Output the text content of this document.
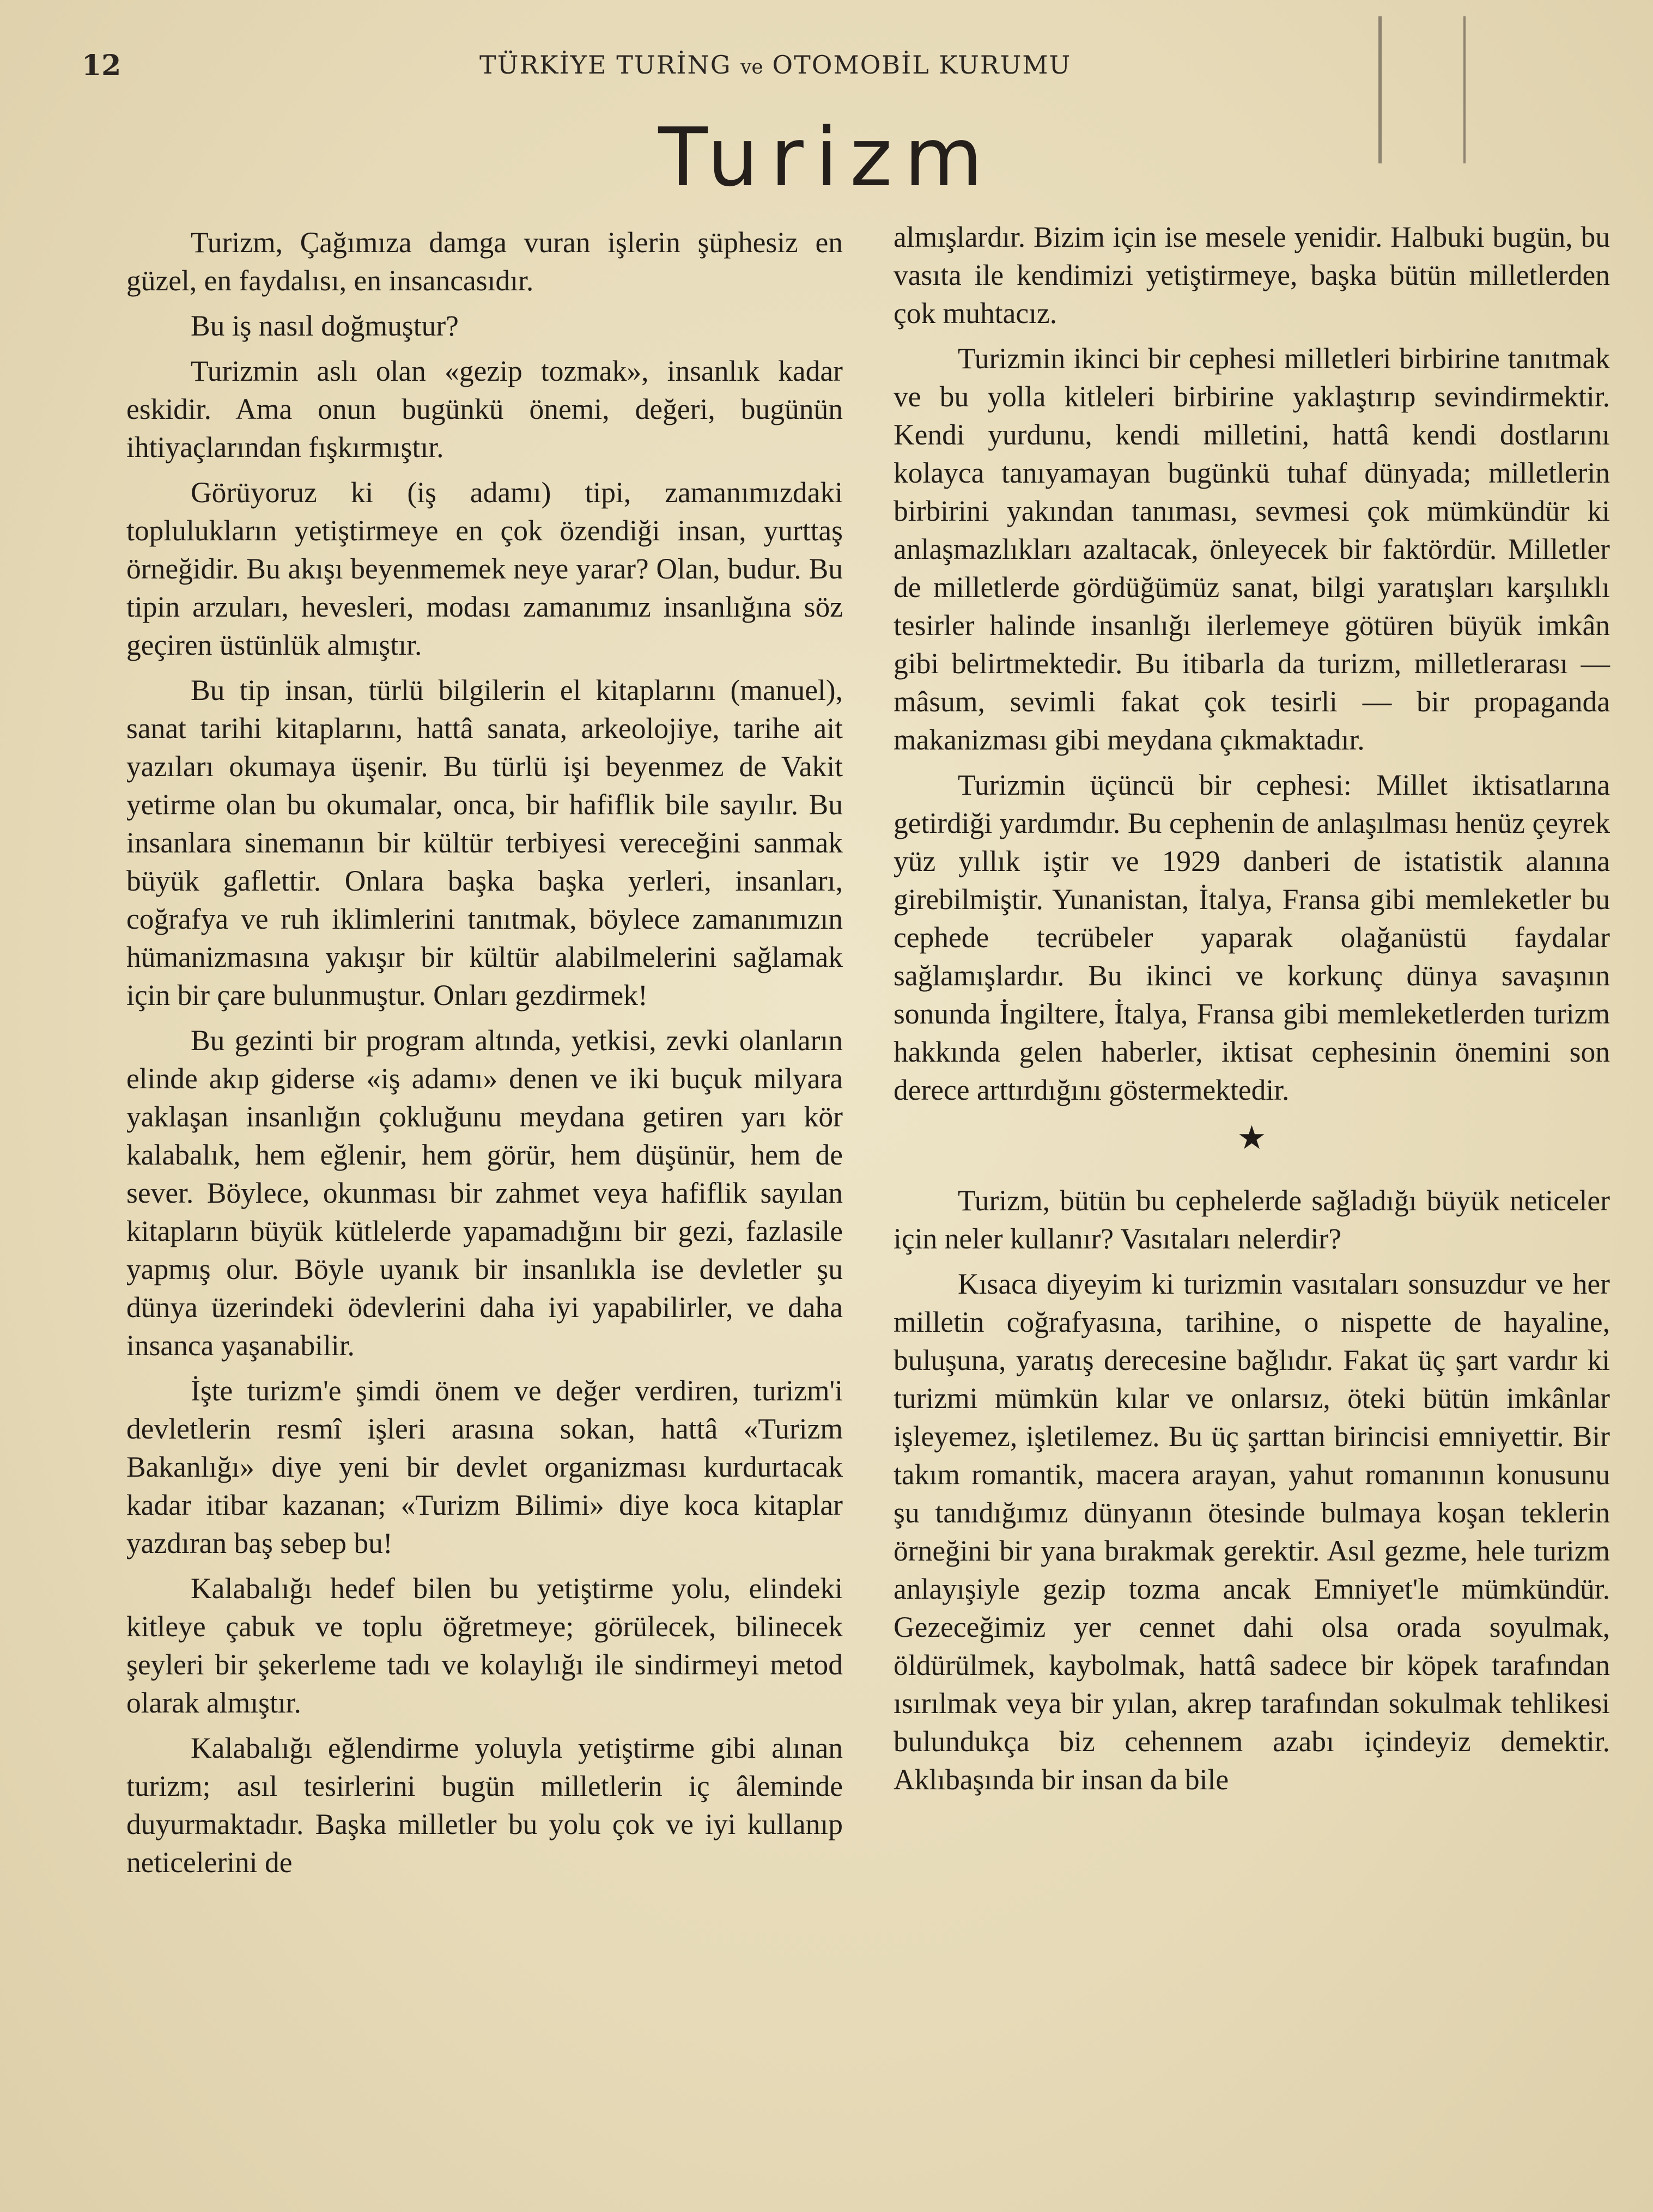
12	TÜRKİYE TURİNG ve OTOMOBİL KURUMU
Turizm

Turizm, Çağımıza damga vuran işlerin şüphesiz en güzel, en faydalısı, en insancasıdır.

Bu iş nasıl doğmuştur?

Turizmin aslı olan «gezip tozmak», insanlık kadar eskidir. Ama onun bugünkü önemi, değeri, bugünün ihtiyaçlarından fışkırmıştır.

Görüyoruz ki (iş adamı) tipi, zamanımızdaki toplulukların yetiştirmeye en çok özendiği insan, yurttaş örneğidir. Bu akışı beyenmemek neye yarar? Olan, budur. Bu tipin arzuları, hevesleri, modası zamanımız insanlığına söz geçiren üstünlük almıştır.

Bu tip insan, türlü bilgilerin el kitaplarını (manuel), sanat tarihi kitaplarını, hattâ sanata, arkeolojiye, tarihe ait yazıları okumaya üşenir. Bu türlü işi beyenmez de Vakit yetirme olan bu okumalar, onca, bir hafiflik bile sayılır. Bu insanlara sinemanın bir kültür terbiyesi vereceğini sanmak büyük gaflettir. Onlara başka başka yerleri, insanları, coğrafya ve ruh iklimlerini tanıtmak, böylece zamanımızın hümanizmasına yakışır bir kültür alabilmelerini sağlamak için bir çare bulunmuştur. Onları gezdirmek!

Bu gezinti bir program altında, yetkisi, zevki olanların elinde akıp giderse «iş adamı» denen ve iki buçuk milyara yaklaşan insanlığın çokluğunu meydana getiren yarı kör kalabalık, hem eğlenir, hem görür, hem düşünür, hem de sever. Böylece, okunması bir zahmet veya hafiflik sayılan kitapların büyük kütlelerde yapamadığını bir gezi, fazlasile yapmış olur. Böyle uyanık bir insanlıkla ise devletler şu dünya üzerindeki ödevlerini daha iyi yapabilirler, ve daha insanca yaşanabilir.

İşte turizm'e şimdi önem ve değer verdiren, turizm'i devletlerin resmî işleri arasına sokan, hattâ «Turizm Bakanlığı» diye yeni bir devlet organizması kurdurtacak kadar itibar kazanan; «Turizm Bilimi» diye koca kitaplar yazdıran baş sebep bu!

Kalabalığı hedef bilen bu yetiştirme yolu, elindeki kitleye çabuk ve toplu öğretmeye; görülecek, bilinecek şeyleri bir şekerleme tadı ve kolaylığı ile sindirmeyi metod olarak almıştır.

Kalabalığı eğlendirme yoluyla yetiştirme gibi alınan turizm; asıl tesirlerini bugün milletlerin iç âleminde duyurmaktadır. Başka milletler bu yolu çok ve iyi kullanıp neticelerini de

almışlardır. Bizim için ise mesele yenidir. Halbuki bugün, bu vasıta ile kendimizi yetiştirmeye, başka bütün milletlerden çok muhtacız.

Turizmin ikinci bir cephesi milletleri birbirine tanıtmak ve bu yolla kitleleri birbirine yaklaştırıp sevindirmektir. Kendi yurdunu, kendi milletini, hattâ kendi dostlarını kolayca tanıyamayan bugünkü tuhaf dünyada; milletlerin birbirini yakından tanıması, sevmesi çok mümkündür ki anlaşmazlıkları azaltacak, önleyecek bir faktördür. Milletler de milletlerde gördüğümüz sanat, bilgi yaratışları karşılıklı tesirler halinde insanlığı ilerlemeye götüren büyük imkân gibi belirtmektedir. Bu itibarla da turizm, milletlerarası — mâsum, sevimli fakat çok tesirli — bir propaganda makanizması gibi meydana çıkmaktadır.

Turizmin üçüncü bir cephesi: Millet iktisatlarına getirdiği yardımdır. Bu cephenin de anlaşılması henüz çeyrek yüz yıllık iştir ve 1929 danberi de istatistik alanına girebilmiştir. Yunanistan, İtalya, Fransa gibi memleketler bu cephede tecrübeler yaparak olağanüstü faydalar sağlamışlardır. Bu ikinci ve korkunç dünya savaşının sonunda İngiltere, İtalya, Fransa gibi memleketlerden turizm hakkında gelen haberler, iktisat cephesinin önemini son derece arttırdığını göstermektedir.

★

Turizm, bütün bu cephelerde sağladığı büyük neticeler için neler kullanır? Vasıtaları nelerdir?

Kısaca diyeyim ki turizmin vasıtaları sonsuzdur ve her milletin coğrafyasına, tarihine, o nispette de hayaline, buluşuna, yaratış derecesine bağlıdır. Fakat üç şart vardır ki turizmi mümkün kılar ve onlarsız, öteki bütün imkânlar işleyemez, işletilemez. Bu üç şarttan birincisi emniyettir. Bir takım romantik, macera arayan, yahut romanının konusunu şu tanıdığımız dünyanın ötesinde bulmaya koşan teklerin örneğini bir yana bırakmak gerektir. Asıl gezme, hele turizm anlayışiyle gezip tozma ancak Emniyet'le mümkündür. Gezeceğimiz yer cennet dahi olsa orada soyulmak, öldürülmek, kaybolmak, hattâ sadece bir köpek tarafından ısırılmak veya bir yılan, akrep tarafından sokulmak tehlikesi bulundukça biz cehennem azabı içindeyiz demektir. Aklıbaşında bir insan da bile
